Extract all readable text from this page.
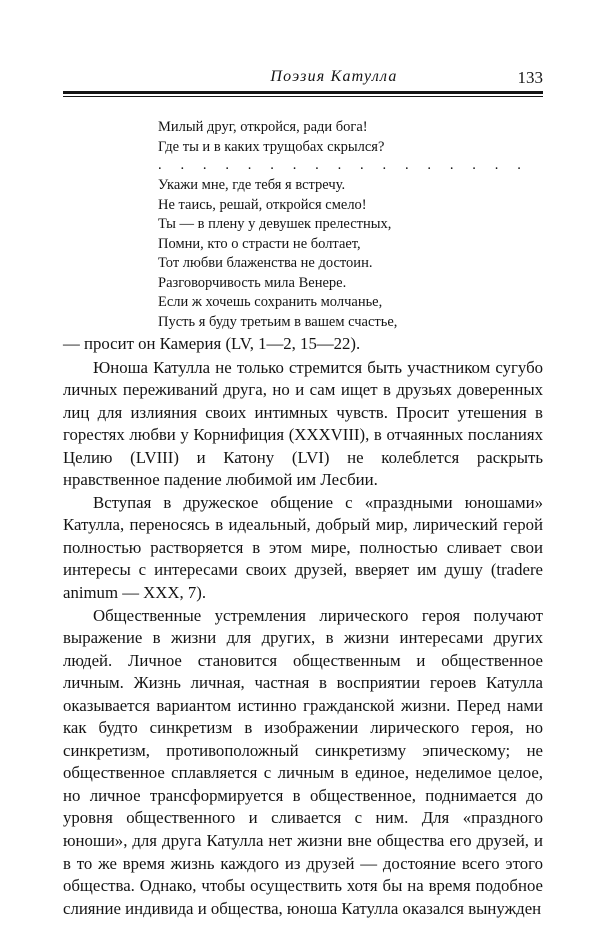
Поэзия Катулла	133
Милый друг, откройся, ради бога!
Где ты и в каких трущобах скрылся?
. . . . . . . . . . . . . . . . .
Укажи мне, где тебя я встречу.
Не таись, решай, откройся смело!
Ты — в плену у девушек прелестных,
Помни, кто о страсти не болтает,
Тот любви блаженства не достоин.
Разговорчивость мила Венере.
Если ж хочешь сохранить молчанье,
Пусть я буду третьим в вашем счастье,

— просит он Камерия (LV, 1—2, 15—22).

Юноша Катулла не только стремится быть участником сугубо личных переживаний друга, но и сам ищет в друзьях доверенных лиц для излияния своих интимных чувств. Просит утешения в горестях любви у Корнифиция (XXXVIII), в отчаянных посланиях Целию (LVIII) и Катону (LVI) не колеблется раскрыть нравственное падение любимой им Лесбии.

Вступая в дружеское общение с «праздными юношами» Катулла, переносясь в идеальный, добрый мир, лирический герой полностью растворяется в этом мире, полностью сливает свои интересы с интересами своих друзей, вверяет им душу (tradere animum — XXX, 7).

Общественные устремления лирического героя получают выражение в жизни для других, в жизни интересами других людей. Личное становится общественным и общественное личным. Жизнь личная, частная в восприятии героев Катулла оказывается вариантом истинно гражданской жизни. Перед нами как будто синкретизм в изображении лирического героя, но синкретизм, противоположный синкретизму эпическому; не общественное сплавляется с личным в единое, неделимое целое, но личное трансформируется в общественное, поднимается до уровня общественного и сливается с ним. Для «праздного юноши», для друга Катулла нет жизни вне общества его друзей, и в то же время жизнь каждого из друзей — достояние всего этого общества. Однако, чтобы осуществить хотя бы на время подобное слияние индивида и общества, юноша Катулла оказался вынужден
